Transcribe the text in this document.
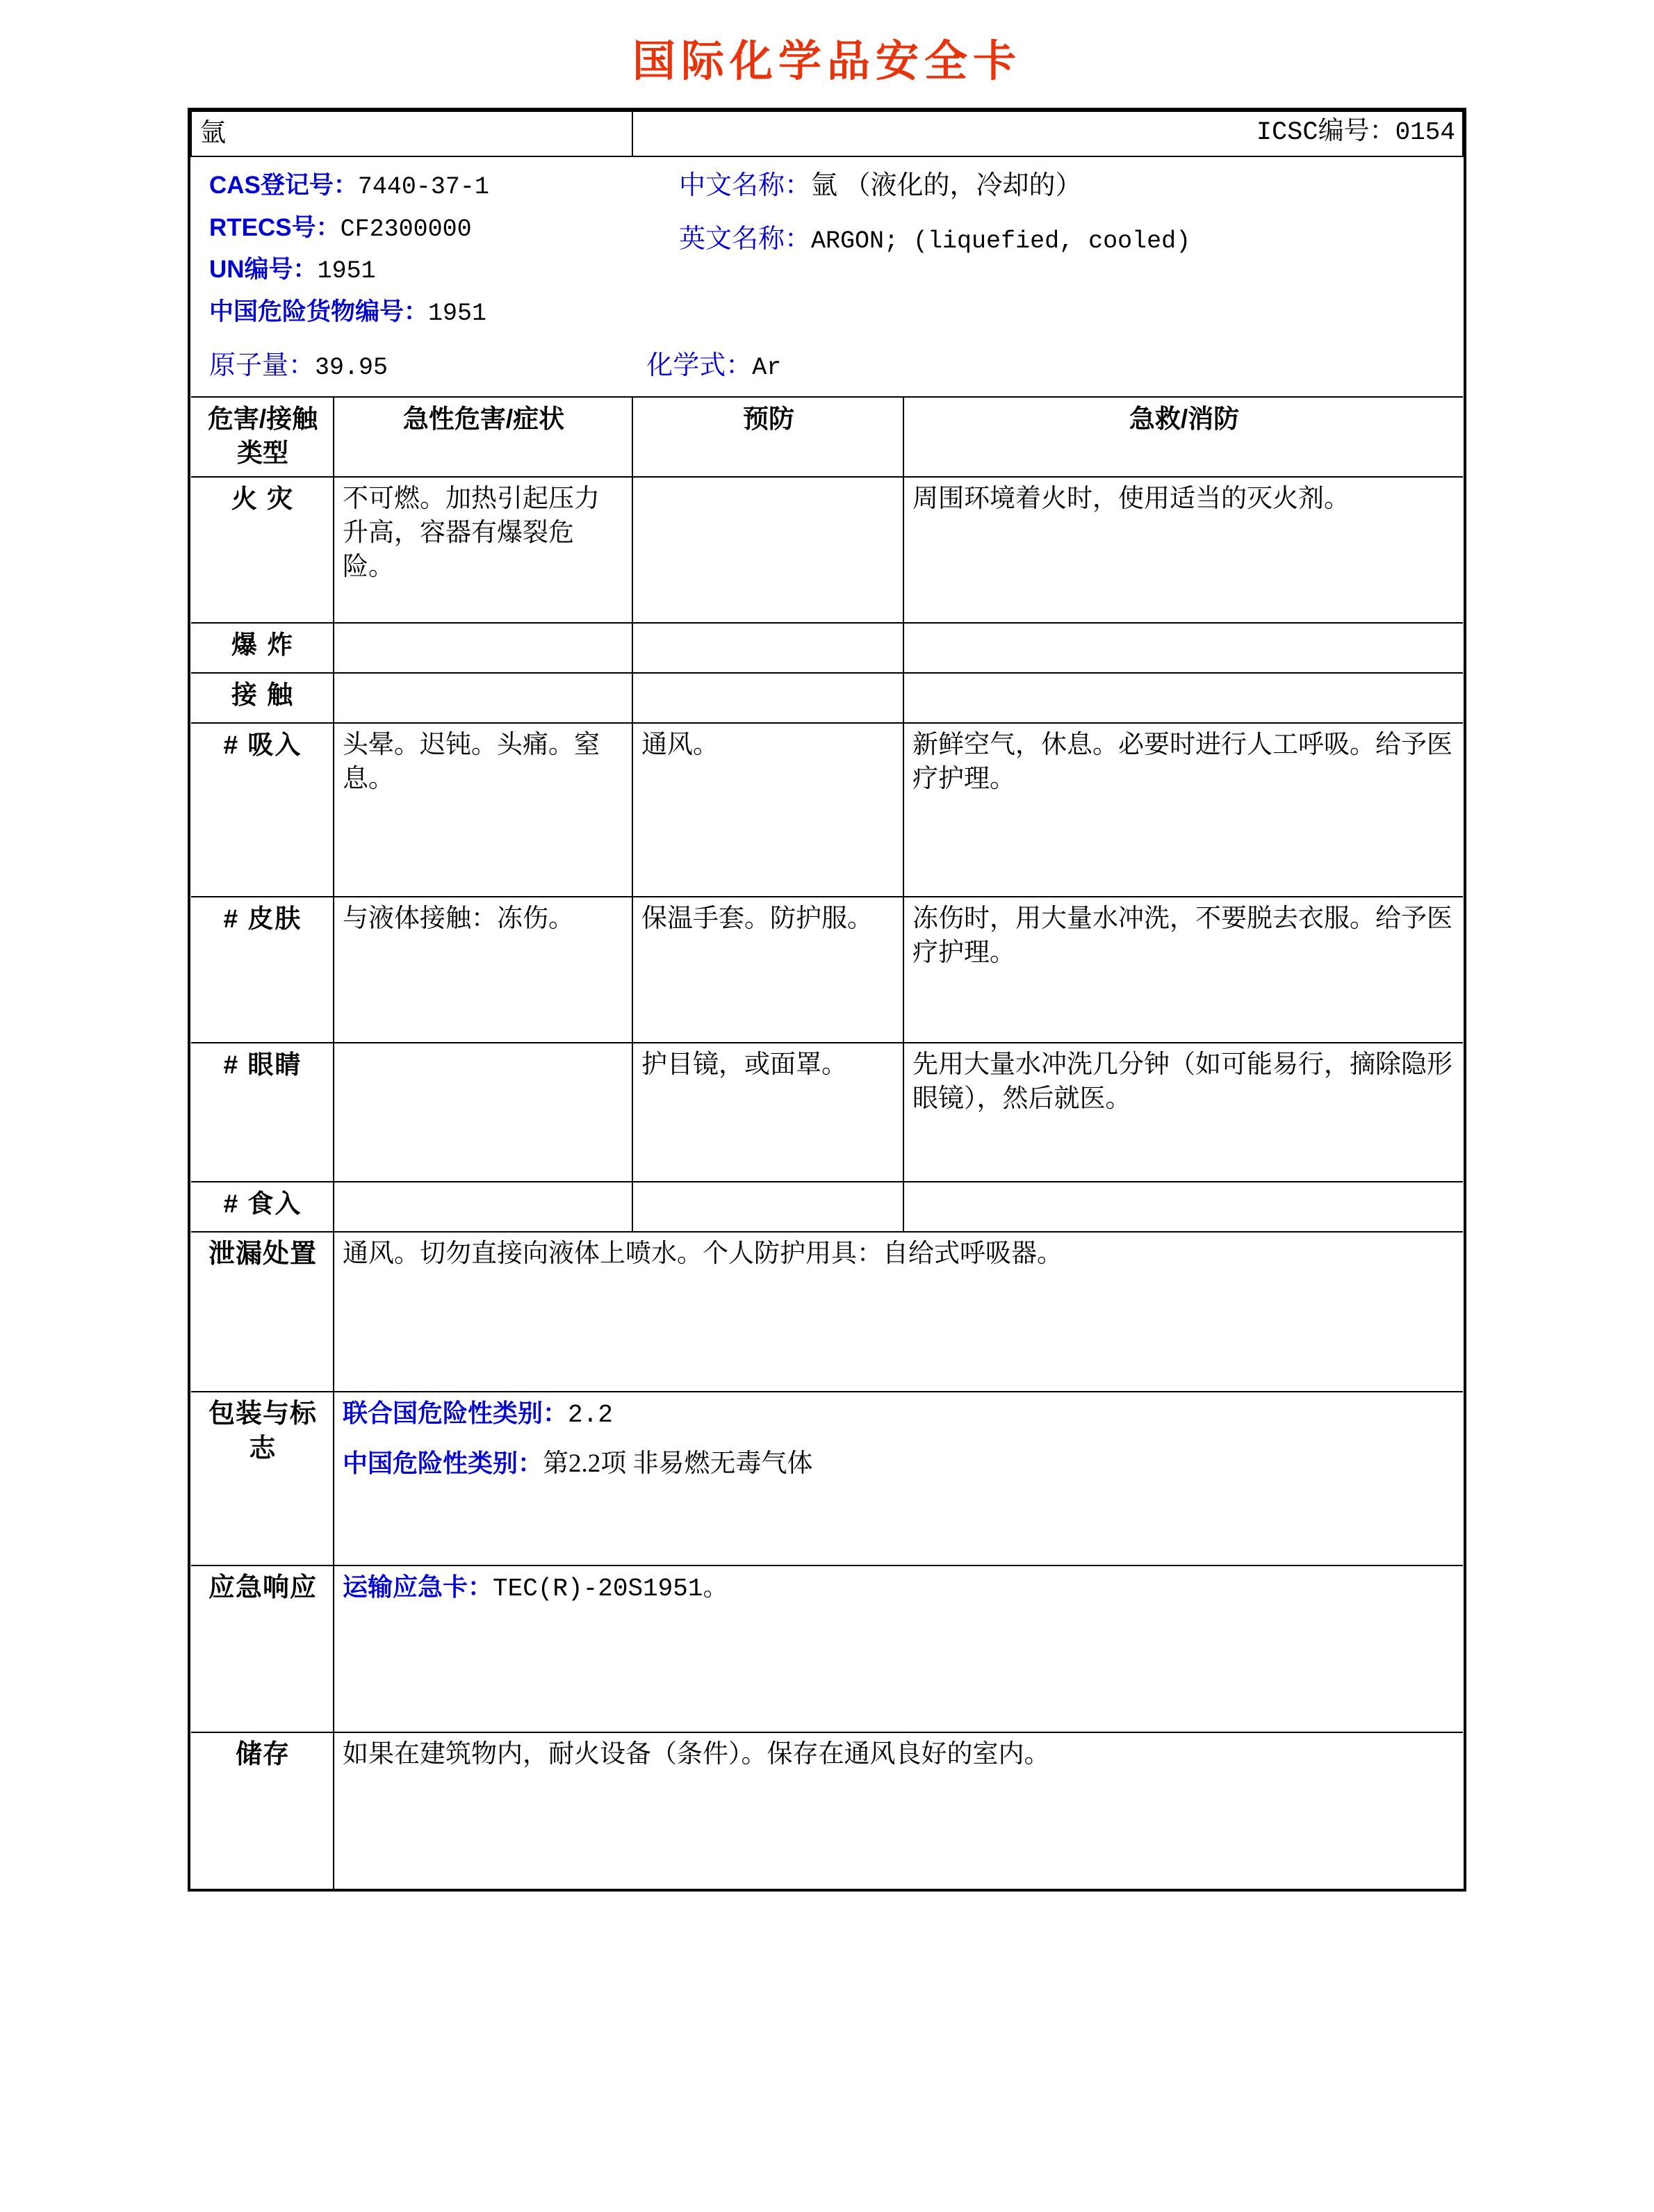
国际化学品安全卡
氩		ICSC编号：0154	

CAS登记号：7440-37-1
RTECS号：CF2300000
UN编号：1951
中国危险货物编号：1951
中文名称：氩 （液化的，冷却的）
英文名称：ARGON; (liquefied, cooled)
原子量：39.95	化学式：Ar

危害/接触
类型	急性危害/症状	预防	急救/消防
火 灾	不可燃。加热引起压力升高，容器有爆裂危险。		周围环境着火时，使用适当的灭火剂。
爆 炸			
接 触			
# 吸入	头晕。迟钝。头痛。窒息。	通风。	新鲜空气，休息。必要时进行人工呼吸。给予医疗护理。
# 皮肤	与液体接触：冻伤。	保温手套。防护服。	冻伤时，用大量水冲洗，不要脱去衣服。给予医疗护理。
# 眼睛		护目镜，或面罩。	先用大量水冲洗几分钟（如可能易行，摘除隐形眼镜），然后就医。
# 食入			
泄漏处置	通风。切勿直接向液体上喷水。个人防护用具：自给式呼吸器。		
包装与标志	联合国危险性类别：2.2

中国危险性类别：第2.2项 非易燃无毒气体		

应急响应	运输应急卡：TEC(R)-20S1951。		

储存	如果在建筑物内，耐火设备（条件）。保存在通风良好的室内。		
